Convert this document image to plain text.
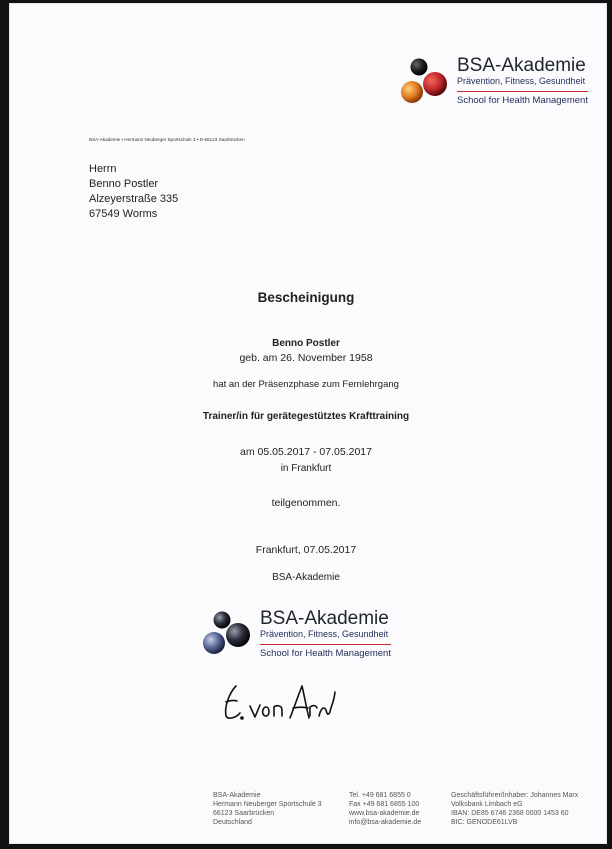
BSA-Akademie
Prävention, Fitness, Gesundheit
School for Health Management
BSA-Akademie • Hermann Neuberger Sportschule 3 • D-66123 Saarbrücken
Herrn
Benno Postler
Alzeyerstraße 335
67549 Worms
Bescheinigung
Benno Postler
geb. am 26. November 1958
hat an der Präsenzphase zum Fernlehrgang
Trainer/in für gerätegestütztes Krafttraining
am 05.05.2017 - 07.05.2017
in Frankfurt
teilgenommen.
Frankfurt, 07.05.2017
BSA-Akademie
BSA-Akademie
Prävention, Fitness, Gesundheit
School for Health Management
BSA-Akademie
Hermann Neuberger Sportschule 3
66123 Saarbrücken
Deutschland
Tel. +49 681 6855 0
Fax +49 681 6855 100
www.bsa-akademie.de
info@bsa-akademie.de
Geschäftsführer/Inhaber: Johannes Marx
Volksbank Limbach eG
IBAN: DE85 6746 2368 0000 1453 60
BIC: GENODE61LVB
